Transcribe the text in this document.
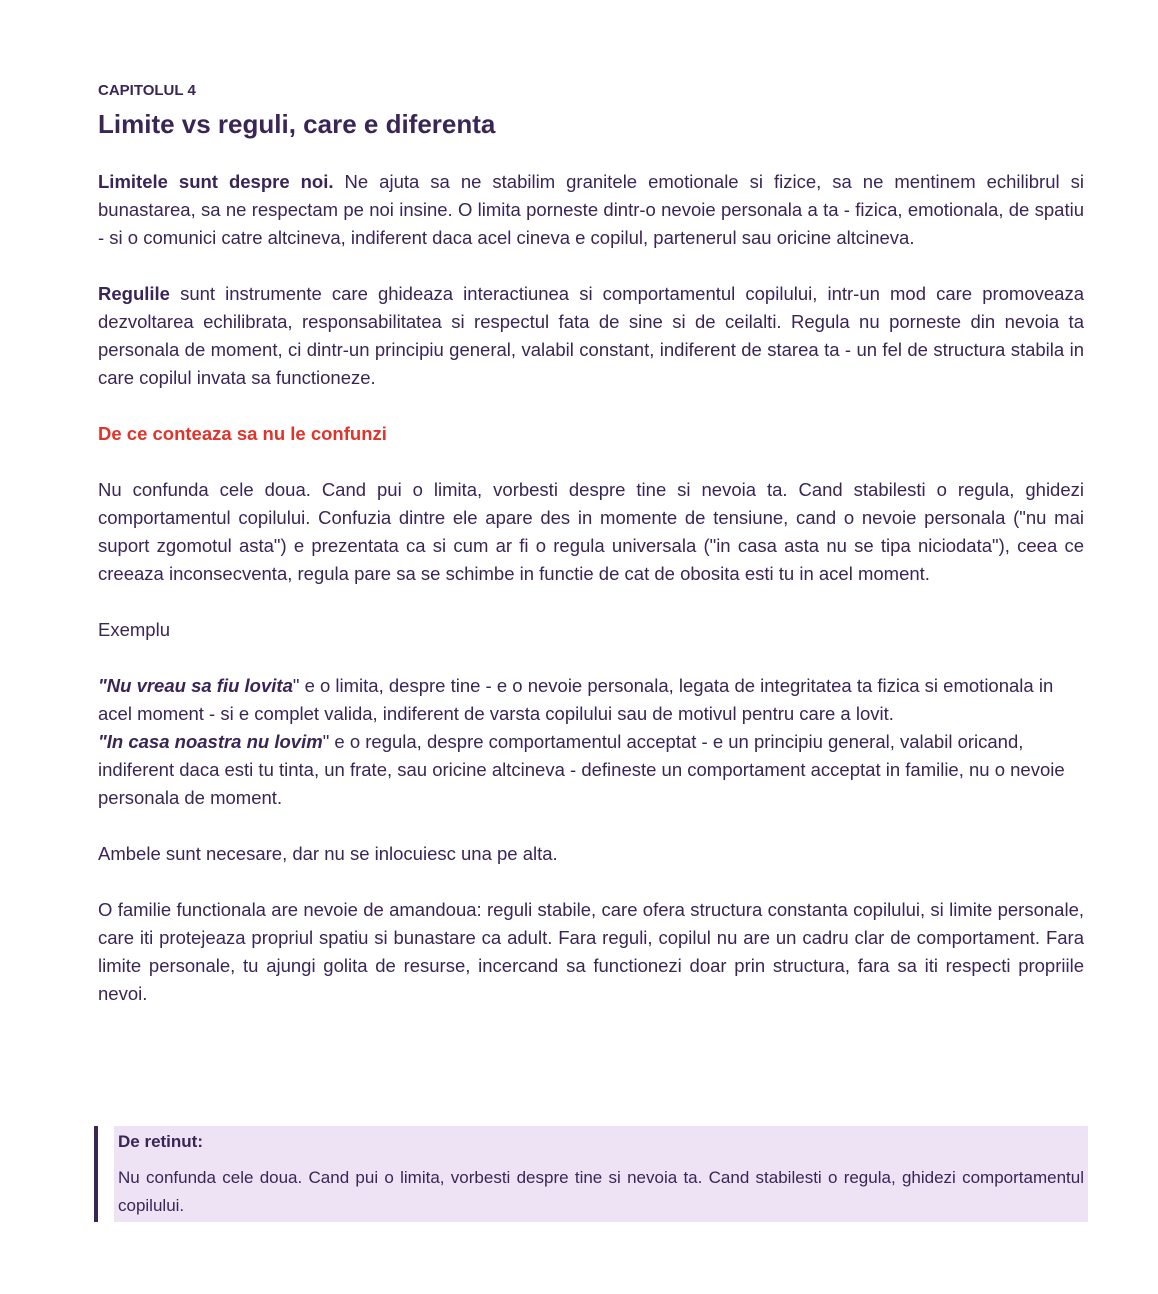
CAPITOLUL 4
Limite vs reguli, care e diferenta

Limitele sunt despre noi. Ne ajuta sa ne stabilim granitele emotionale si fizice, sa ne mentinem echilibrul si bunastarea, sa ne respectam pe noi insine. O limita porneste dintr-o nevoie personala a ta - fizica, emotionala, de spatiu - si o comunici catre altcineva, indiferent daca acel cineva e copilul, partenerul sau oricine altcineva.

Regulile sunt instrumente care ghideaza interactiunea si comportamentul copilului, intr-un mod care promoveaza dezvoltarea echilibrata, responsabilitatea si respectul fata de sine si de ceilalti. Regula nu porneste din nevoia ta personala de moment, ci dintr-un principiu general, valabil constant, indiferent de starea ta - un fel de structura stabila in care copilul invata sa functioneze.

De ce conteaza sa nu le confunzi

Nu confunda cele doua. Cand pui o limita, vorbesti despre tine si nevoia ta. Cand stabilesti o regula, ghidezi comportamentul copilului. Confuzia dintre ele apare des in momente de tensiune, cand o nevoie personala ("nu mai suport zgomotul asta") e prezentata ca si cum ar fi o regula universala ("in casa asta nu se tipa niciodata"), ceea ce creeaza inconsecventa, regula pare sa se schimbe in functie de cat de obosita esti tu in acel moment.

Exemplu

"Nu vreau sa fiu lovita" e o limita, despre tine - e o nevoie personala, legata de integritatea ta fizica si emotionala in acel moment - si e complet valida, indiferent de varsta copilului sau de motivul pentru care a lovit.

"In casa noastra nu lovim" e o regula, despre comportamentul acceptat - e un principiu general, valabil oricand, indiferent daca esti tu tinta, un frate, sau oricine altcineva - defineste un comportament acceptat in familie, nu o nevoie personala de moment.

Ambele sunt necesare, dar nu se inlocuiesc una pe alta.

O familie functionala are nevoie de amandoua: reguli stabile, care ofera structura constanta copilului, si limite personale, care iti protejeaza propriul spatiu si bunastare ca adult. Fara reguli, copilul nu are un cadru clar de comportament. Fara limite personale, tu ajungi golita de resurse, incercand sa functionezi doar prin structura, fara sa iti respecti propriile nevoi.

De retinut:
Nu confunda cele doua. Cand pui o limita, vorbesti despre tine si nevoia ta. Cand stabilesti o regula, ghidezi comportamentul copilului.
